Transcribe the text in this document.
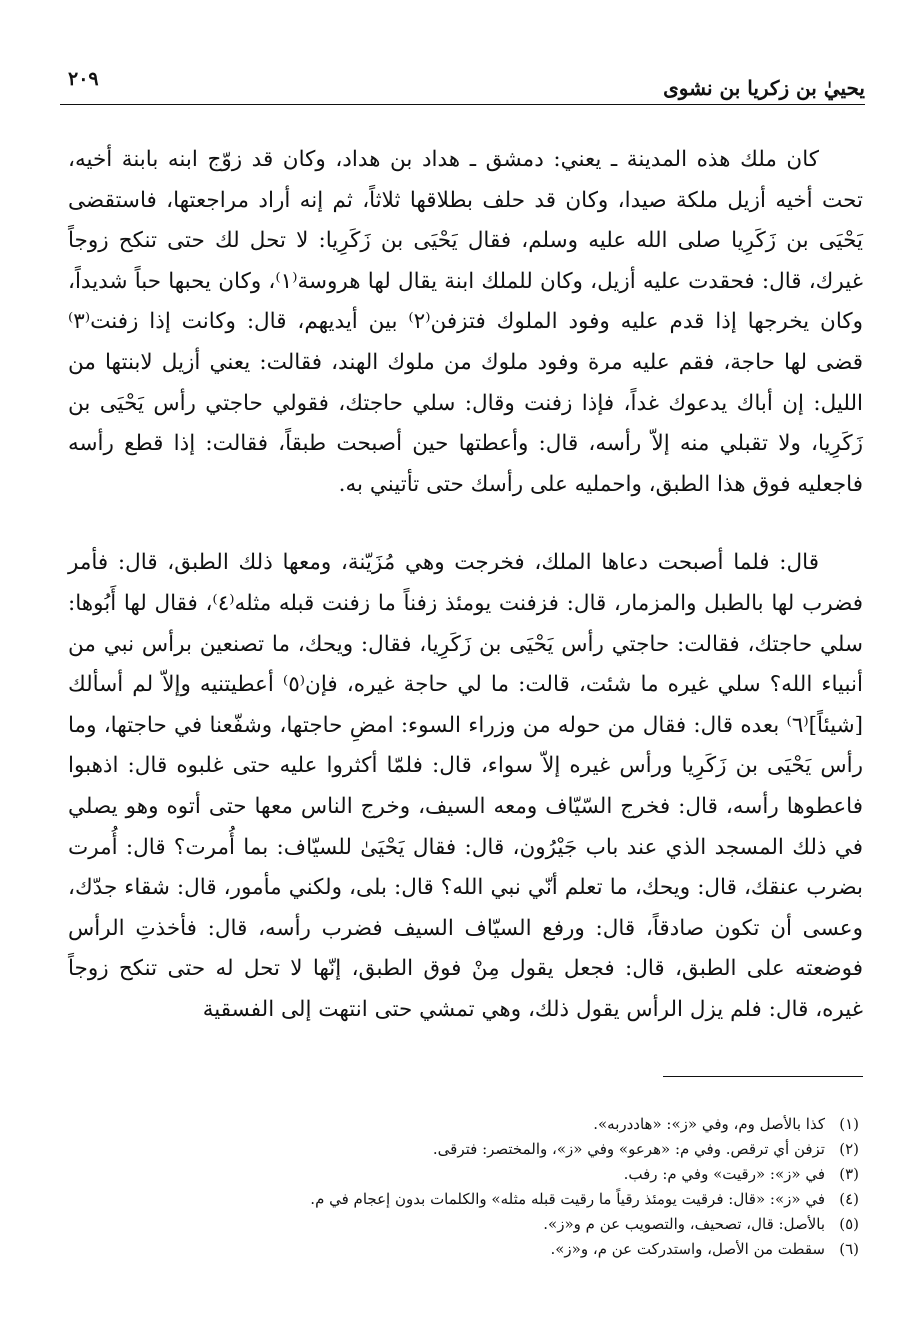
يحييٰ بن زكريا بن نشوى
٢٠٩

كان ملك هذه المدينة ـ يعني: دمشق ـ هداد بن هداد، وكان قد زوّج ابنه بابنة أخيه، تحت أخيه أزيل ملكة صيدا، وكان قد حلف بطلاقها ثلاثاً، ثم إنه أراد مراجعتها، فاستقضى يَحْيَى بن زَكَرِيا صلى الله عليه وسلم، فقال يَحْيَى بن زَكَرِيا: لا تحل لك حتى تنكح زوجاً غيرك، قال: فحقدت عليه أزيل، وكان للملك ابنة يقال لها هروسة⁽١⁾، وكان يحبها حباً شديداً، وكان يخرجها إذا قدم عليه وفود الملوك فتزفن⁽٢⁾ بين أيديهم، قال: وكانت إذا زفنت⁽٣⁾ قضى لها حاجة، فقم عليه مرة وفود ملوك من ملوك الهند، فقالت: يعني أزيل لابنتها من الليل: إن أباك يدعوك غداً، فإذا زفنت وقال: سلي حاجتك، فقولي حاجتي رأس يَحْيَى بن زَكَرِيا، ولا تقبلي منه إلاّ رأسه، قال: وأعطتها حين أصبحت طبقاً، فقالت: إذا قطع رأسه فاجعليه فوق هذا الطبق، واحمليه على رأسك حتى تأتيني به.

قال: فلما أصبحت دعاها الملك، فخرجت وهي مُزَيّنة، ومعها ذلك الطبق، قال: فأمر فضرب لها بالطبل والمزمار، قال: فزفنت يومئذ زفناً ما زفنت قبله مثله⁽٤⁾، فقال لها أَبُوها: سلي حاجتك، فقالت: حاجتي رأس يَحْيَى بن زَكَرِيا، فقال: ويحك، ما تصنعين برأس نبي من أنبياء الله؟ سلي غيره ما شئت، قالت: ما لي حاجة غيره، فإن⁽٥⁾ أعطيتنيه وإلاّ لم أسألك [شيئاً]⁽٦⁾ بعده قال: فقال من حوله من وزراء السوء: امضِ حاجتها، وشفّعنا في حاجتها، وما رأس يَحْيَى بن زَكَرِيا ورأس غيره إلاّ سواء، قال: فلمّا أكثروا عليه حتى غلبوه قال: اذهبوا فاعطوها رأسه، قال: فخرج السّيّاف ومعه السيف، وخرج الناس معها حتى أتوه وهو يصلي في ذلك المسجد الذي عند باب جَيْرُون، قال: فقال يَحْيَىٰ للسيّاف: بما أُمرت؟ قال: أُمرت بضرب عنقك، قال: ويحك، ما تعلم أنّي نبي الله؟ قال: بلى، ولكني مأمور، قال: شقاء جدّك، وعسى أن تكون صادقاً، قال: ورفع السيّاف السيف فضرب رأسه، قال: فأخذتِ الرأس فوضعته على الطبق، قال: فجعل يقول مِنْ فوق الطبق، إنّها لا تحل له حتى تنكح زوجاً غيره، قال: فلم يزل الرأس يقول ذلك، وهي تمشي حتى انتهت إلى الفسقية

(١)كذا بالأصل وم، وفي «ز»: «هاددربه».
(٢)تزفن أي ترقص. وفي م: «هرعو» وفي «ز»، والمختصر: فترقى.
(٣)في «ز»: «رقيت» وفي م: رفب.
(٤)في «ز»: «قال: فرقيت يومئذ رقياً ما رقيت قبله مثله» والكلمات بدون إعجام في م.
(٥)بالأصل: قال، تصحيف، والتصويب عن م و«ز».
(٦)سقطت من الأصل، واستدركت عن م، و«ز».
